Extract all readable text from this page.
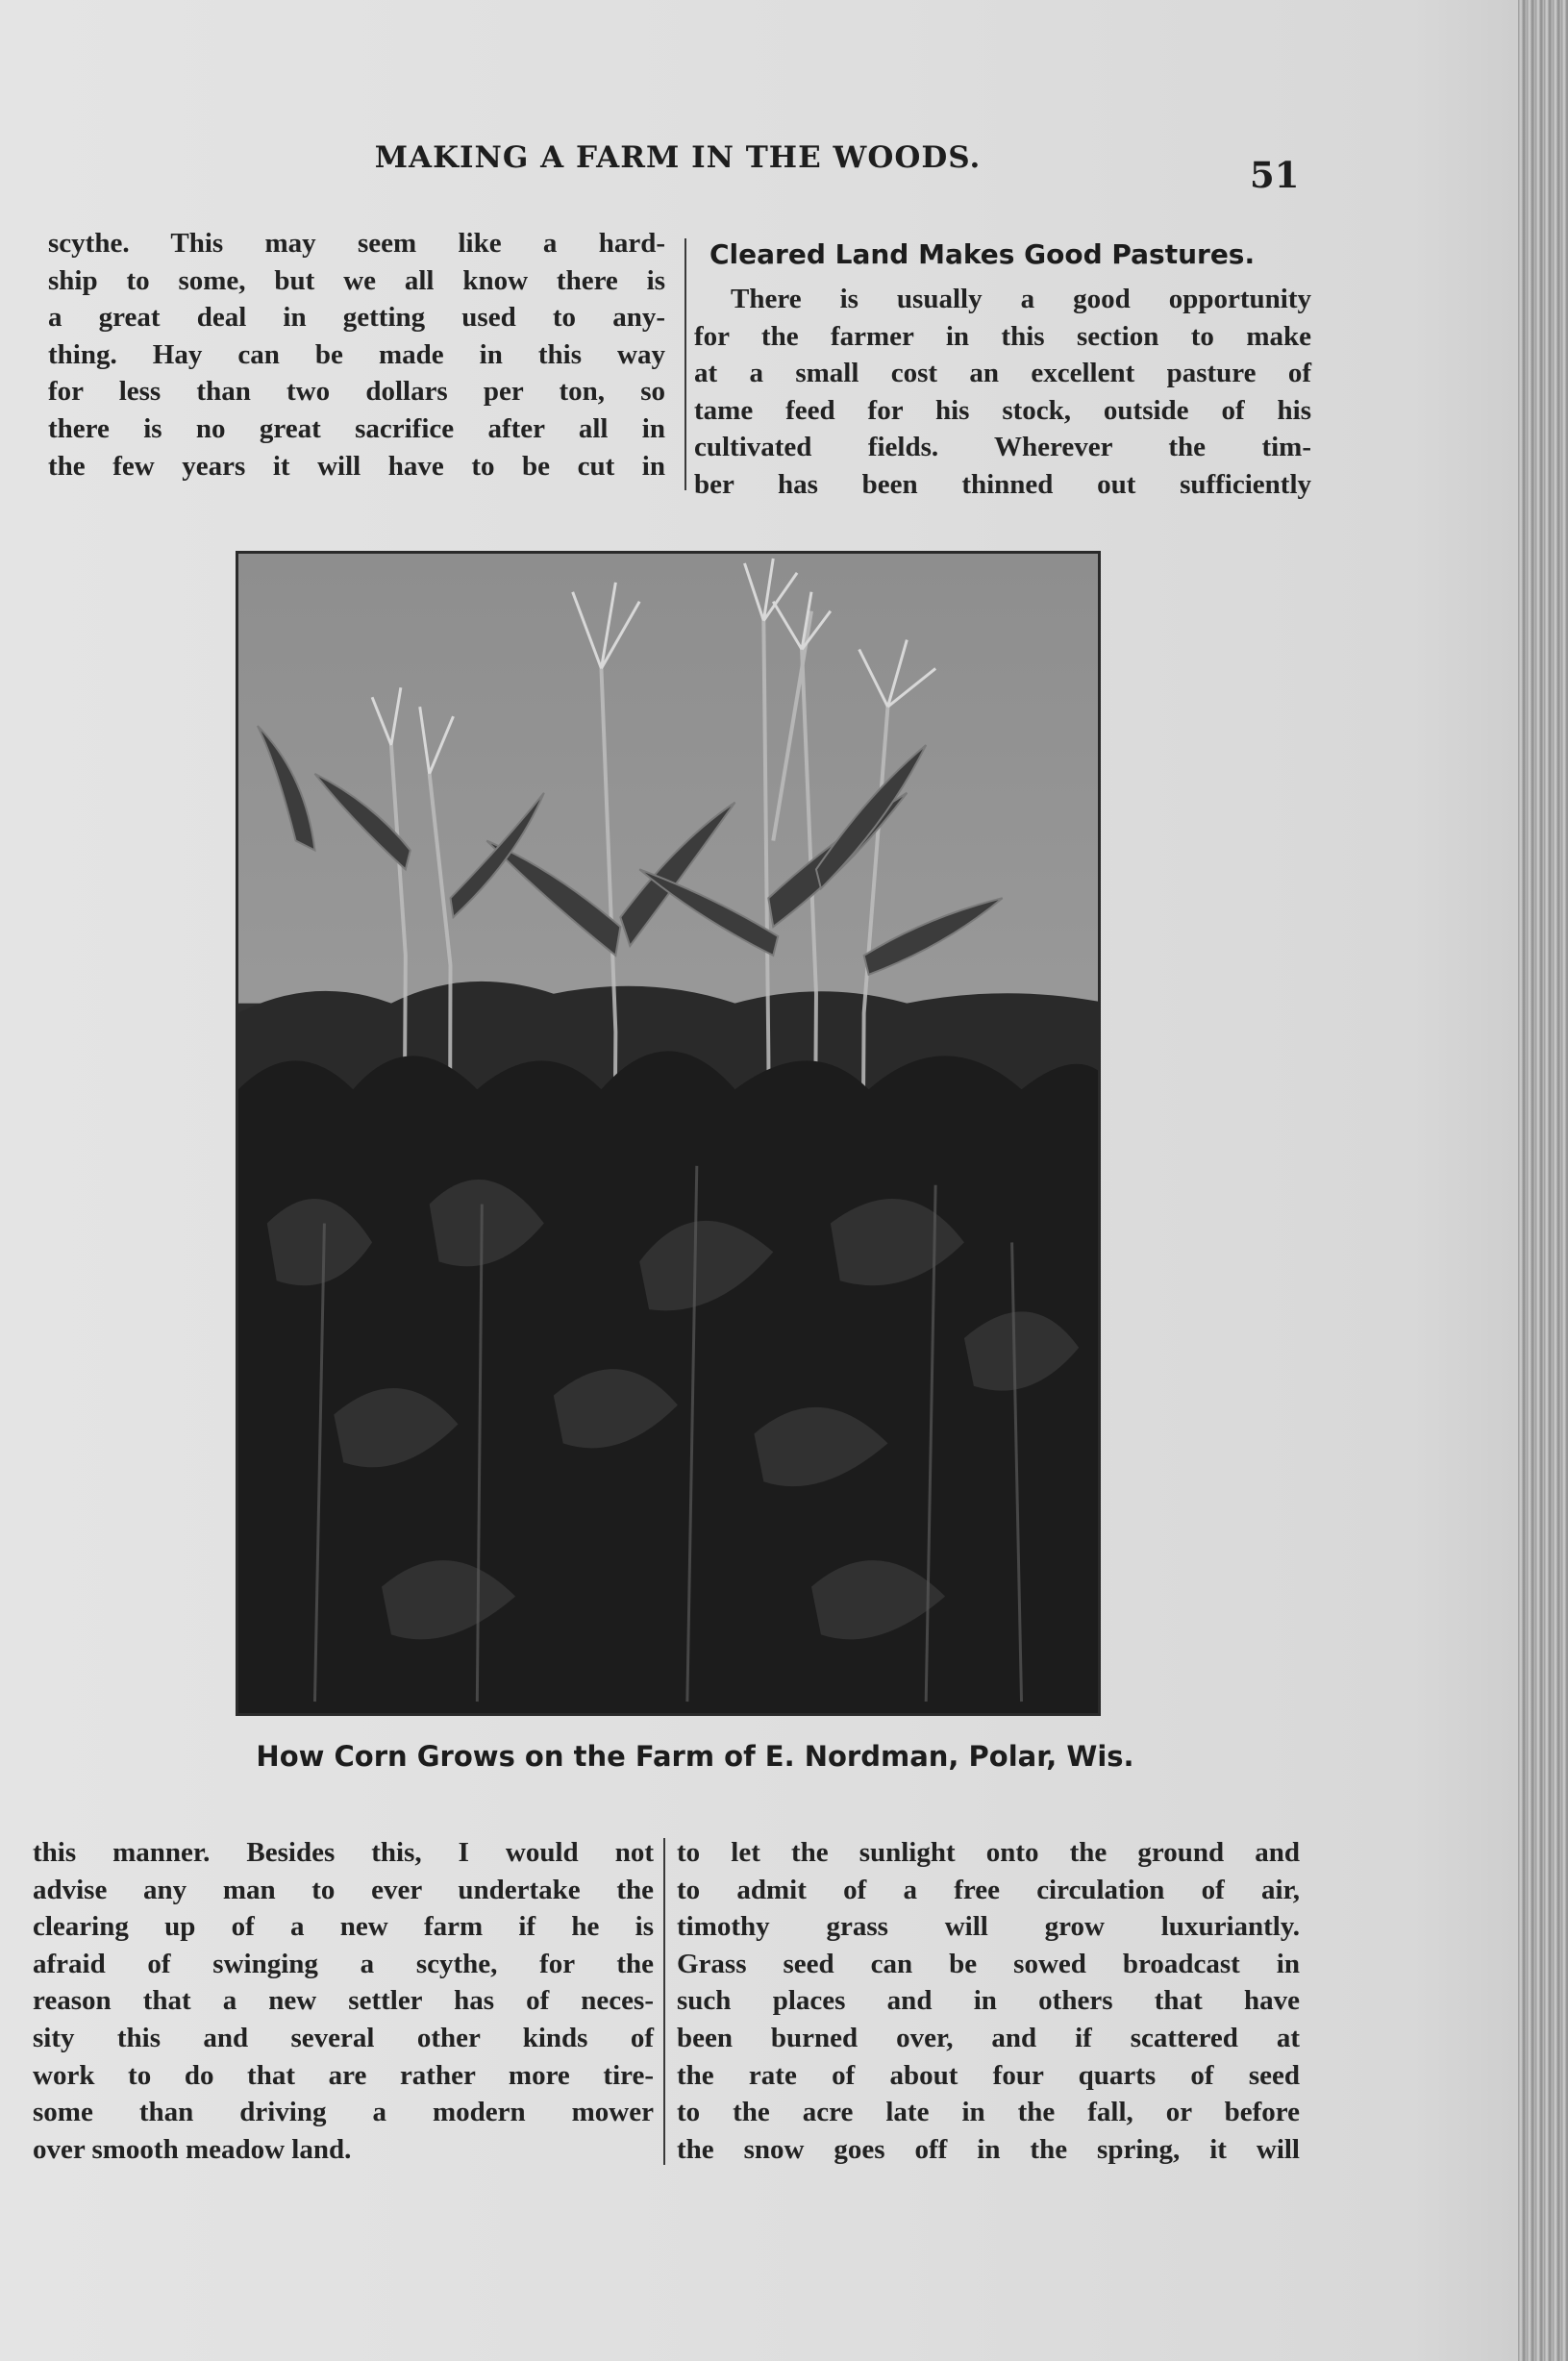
MAKING A FARM IN THE WOODS.	51
scythe. This may seem like a hard-
ship to some, but we all know there is
a great deal in getting used to any-
thing. Hay can be made in this way
for less than two dollars per ton, so
there is no great sacrifice after all in
the few years it will have to be cut in
Cleared Land Makes Good Pastures.
There is usually a good opportunity
for the farmer in this section to make
at a small cost an excellent pasture of
tame feed for his stock, outside of his
cultivated fields. Wherever the tim-
ber has been thinned out sufficiently
How Corn Grows on the Farm of E. Nordman, Polar, Wis.
this manner. Besides this, I would not
advise any man to ever undertake the
clearing up of a new farm if he is
afraid of swinging a scythe, for the
reason that a new settler has of neces-
sity this and several other kinds of
work to do that are rather more tire-
some than driving a modern mower
over smooth meadow land.
to let the sunlight onto the ground and
to admit of a free circulation of air,
timothy grass will grow luxuriantly.
Grass seed can be sowed broadcast in
such places and in others that have
been burned over, and if scattered at
the rate of about four quarts of seed
to the acre late in the fall, or before
the snow goes off in the spring, it will
